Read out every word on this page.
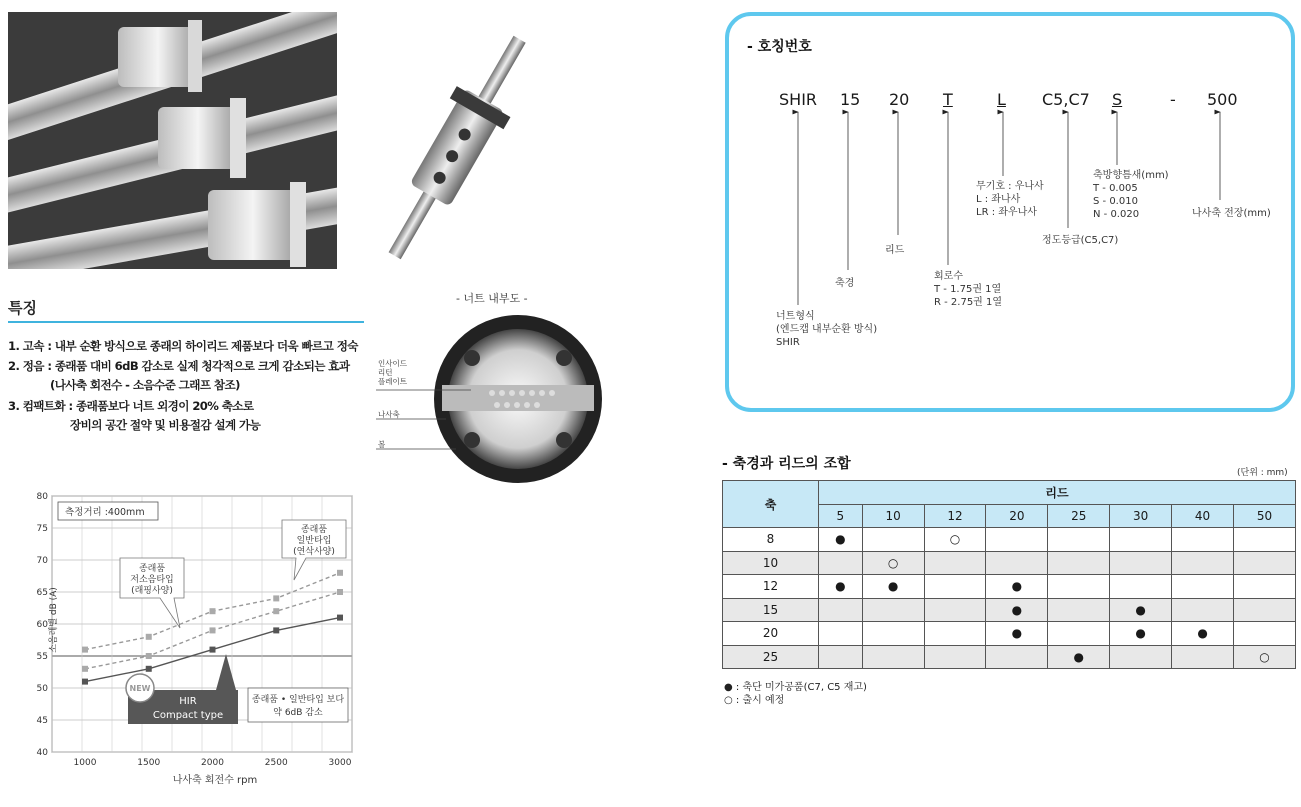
특징
1. 고속 : 내부 순환 방식으로 종래의 하이리드 제품보다 더욱 빠르고 정숙
2. 정음 : 종래품 대비 6dB 감소로 실제 청각적으로 크게 감소되는 효과
(나사축 회전수 - 소음수준 그래프 참조)
3. 컴팩트화 : 종래품보다 너트 외경이 20% 축소로
장비의 공간 절약 및 비용절감 설계 가능
- 너트 내부도 -
인사이드
리턴
플레이트
나사축
볼
40
45
50
55
60
65
70
75
80
1000	1500	2000	2500	3000
소음레벨 dB (A)
나사축 회전수 rpm
측정거리 :400mm
종래품
일반타입
(연삭사양)
종래품
저소음타입
(래핑사양)
HIR
Compact type
NEW
종래품 • 일반타입 보다
약 6dB 감소
- 호칭번호
SHIR 15 20 T	L C5,C7 S	- 500
무기호 : 우나사
L : 좌나사
LR : 좌우나사
축방향틈새(mm)
T - 0.005
S - 0.010
N - 0.020	나사축 전장(mm)
정도등급(C5,C7)
리드
축경
회로수
T - 1.75권 1열
R - 2.75권 1열
너트형식
(엔드캡 내부순환 방식)
SHIR
- 축경과 리드의 조합
(단위 : mm)
축	리드							
	5	10	12	20	25	30	40	50
8	●		○					
10		○						
12	●	●		●				
15				●		●		
20				●		●	●	
25					●			○
● : 축단 미가공품(C7, C5 재고)
○ : 출시 예정
